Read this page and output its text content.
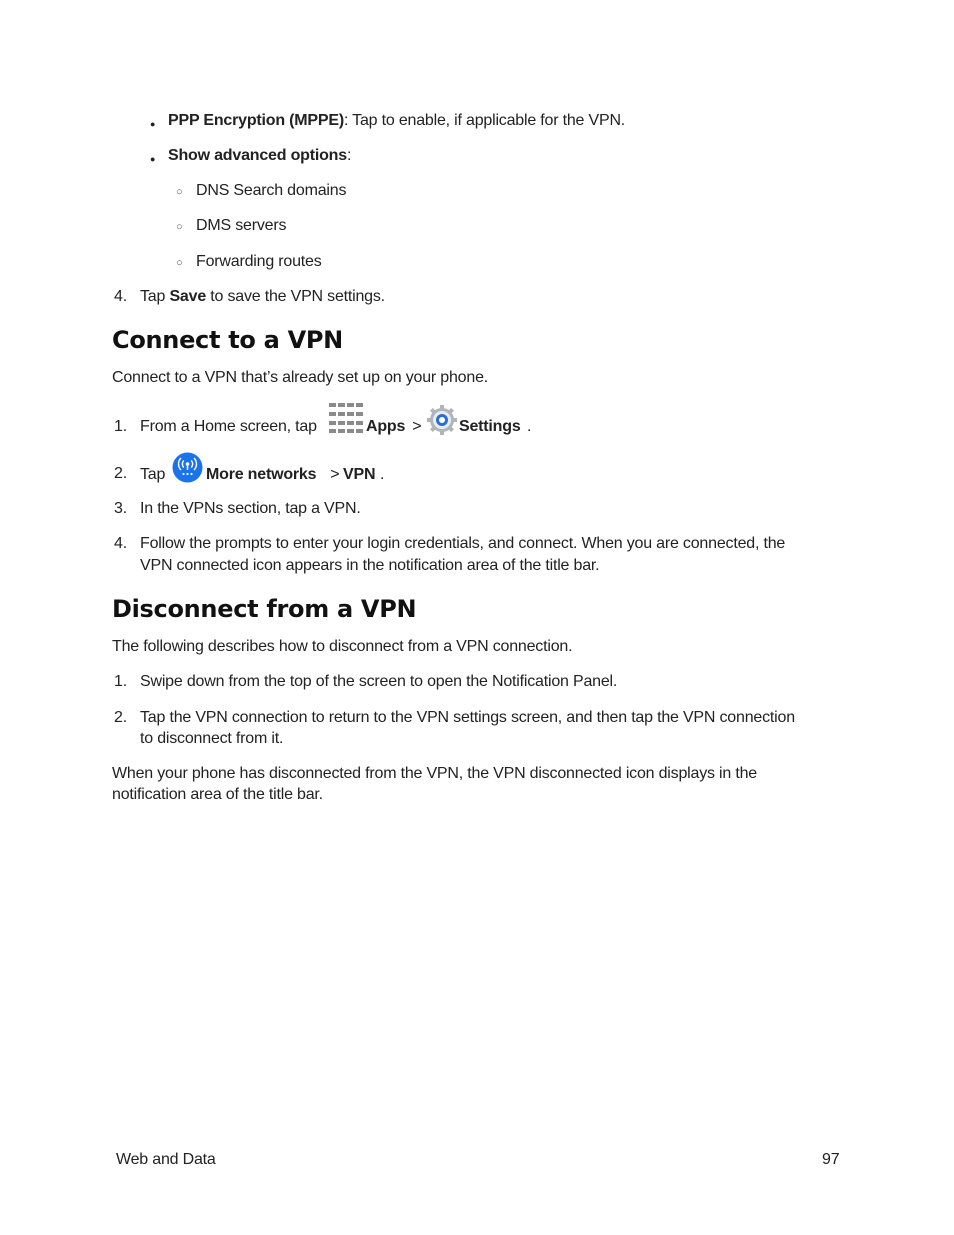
● PPP Encryption (MPPE): Tap to enable, if applicable for the VPN.
● Show advanced options:
○ DNS Search domains
○ DMS servers
○ Forwarding routes
4. Tap Save to save the VPN settings.
Connect to a VPN
Connect to a VPN that’s already set up on your phone.
1. From a Home screen, tap	Apps > Settings .
2. Tap More networks > VPN .
3. In the VPNs section, tap a VPN.
4. Follow the prompts to enter your login credentials, and connect. When you are connected, the
VPN connected icon appears in the notification area of the title bar.
Disconnect from a VPN
The following describes how to disconnect from a VPN connection.
1. Swipe down from the top of the screen to open the Notification Panel.
2. Tap the VPN connection to return to the VPN settings screen, and then tap the VPN connection
to disconnect from it.
When your phone has disconnected from the VPN, the VPN disconnected icon displays in the
notification area of the title bar.
Web and Data	97
